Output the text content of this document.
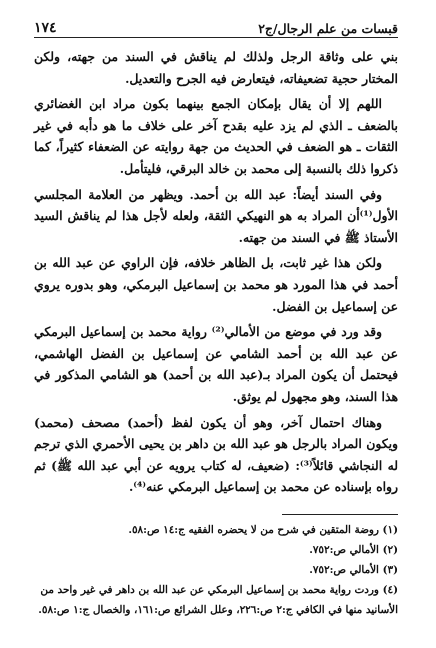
١٧٤	قبسات من علم الرجال/ج٢

بني على وثاقة الرجل ولذلك لم يناقش في السند من جهته، ولكن المختار حجية تضعيفاته، فيتعارض فيه الجرح والتعديل.

اللهم إلا أن يقال بإمكان الجمع بينهما بكون مراد ابن الغضائري بالضعف ـ الذي لم يزد عليه بقدح آخر على خلاف ما هو دأبه في غير الثقات ـ هو الضعف في الحديث من جهة روايته عن الضعفاء كثيراً، كما ذكروا ذلك بالنسبة إلى محمد بن خالد البرقي، فليتأمل.

وفي السند أيضاً: عبد الله بن أحمد. ويظهر من العلامة المجلسي الأول⁽¹⁾أن المراد به هو النهيكي الثقة، ولعله لأجل هذا لم يناقش السيد الأستاذ ﷺ في السند من جهته.

ولكن هذا غير ثابت، بل الظاهر خلافه، فإن الراوي عن عبد الله بن أحمد في هذا المورد هو محمد بن إسماعيل البرمكي، وهو بدوره يروي عن إسماعيل بن الفضل.

وقد ورد في موضع من الأمالي⁽²⁾ رواية محمد بن إسماعيل البرمكي عن عبد الله بن أحمد الشامي عن إسماعيل بن الفضل الهاشمي، فيحتمل أن يكون المراد بـ(عبد الله بن أحمد) هو الشامي المذكور في هذا السند، وهو مجهول لم يوثق.

وهناك احتمال آخر، وهو أن يكون لفظ (أحمد) مصحف (محمد) ويكون المراد بالرجل هو عبد الله بن داهر بن يحيى الأحمري الذي ترجم له النجاشي قائلاً⁽³⁾: (ضعيف، له كتاب يرويه عن أبي عبد الله ﷺ) ثم رواه بإسناده عن محمد بن إسماعيل البرمكي عنه⁽⁴⁾.

(١) روضة المتقين في شرح من لا يحضره الفقيه ج:١٤ ص:٥٨.
(٢) الأمالي ص:٧٥٢.
(٣) الأمالي ص:٧٥٢.
(٤) وردت رواية محمد بن إسماعيل البرمكي عن عبد الله بن داهر في غير واحد من الأسانيد منها في الكافي ج:٢ ص:٢٢٦، وعلل الشرائع ص:١٦١، والخصال ج:١ ص:٥٨.
